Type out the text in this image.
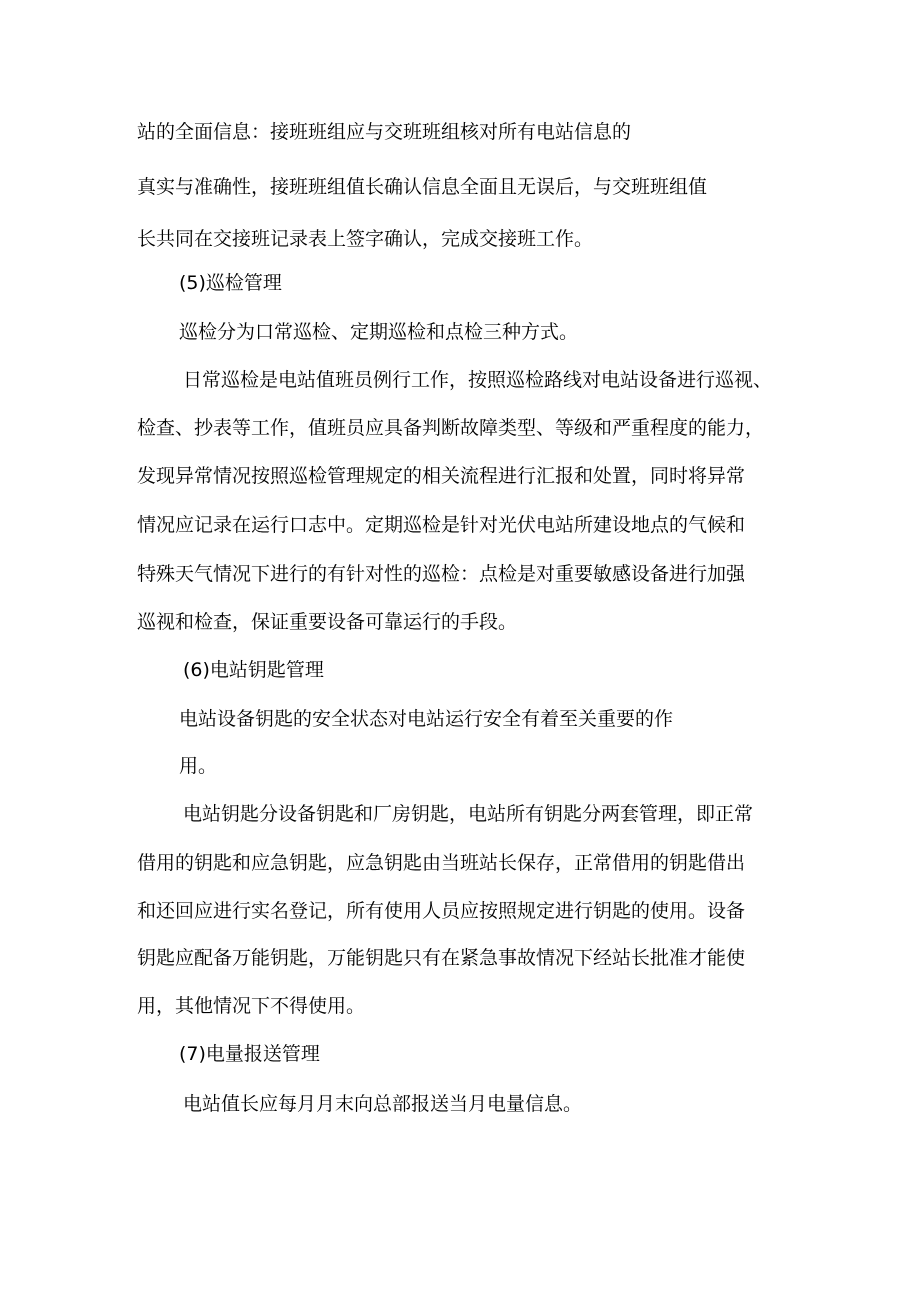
站的全面信息：接班班组应与交班班组核对所有电站信息的
真实与准确性，接班班组值长确认信息全面且无误后，与交班班组值
长共同在交接班记录表上签字确认，完成交接班工作。
(5)巡检管理
巡检分为口常巡检、定期巡检和点检三种方式。
日常巡检是电站值班员例行工作，按照巡检路线对电站设备进行巡视、
检查、抄表等工作，值班员应具备判断故障类型、等级和严重程度的能力，
发现异常情况按照巡检管理规定的相关流程进行汇报和处置，同时将异常
情况应记录在运行口志中。定期巡检是针对光伏电站所建设地点的气候和
特殊天气情况下进行的有针对性的巡检：点检是对重要敏感设备进行加强
巡视和检查，保证重要设备可靠运行的手段。
(6)电站钥匙管理
电站设备钥匙的安全状态对电站运行安全有着至关重要的作
用。
电站钥匙分设备钥匙和厂房钥匙，电站所有钥匙分两套管理，即正常
借用的钥匙和应急钥匙，应急钥匙由当班站长保存，正常借用的钥匙借出
和还回应进行实名登记，所有使用人员应按照规定进行钥匙的使用。设备
钥匙应配备万能钥匙，万能钥匙只有在紧急事故情况下经站长批准才能使
用，其他情况下不得使用。
(7)电量报送管理
电站值长应每月月末向总部报送当月电量信息。
